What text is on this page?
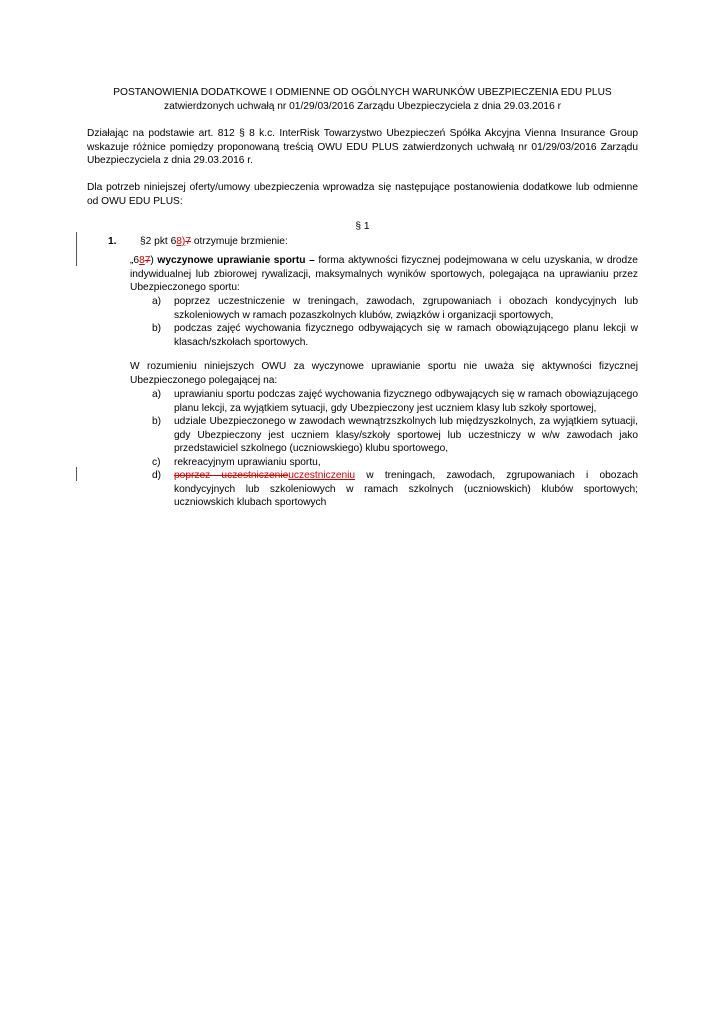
POSTANOWIENIA DODATKOWE I ODMIENNE OD OGÓLNYCH WARUNKÓW UBEZPIECZENIA EDU PLUS
zatwierdzonych uchwałą nr 01/29/03/2016 Zarządu Ubezpieczyciela z dnia 29.03.2016 r
Działając na podstawie art. 812 § 8 k.c. InterRisk Towarzystwo Ubezpieczeń Spółka Akcyjna Vienna Insurance Group wskazuje różnice pomiędzy proponowaną treścią OWU EDU PLUS zatwierdzonych uchwałą nr 01/29/03/2016 Zarządu Ubezpieczyciela z dnia 29.03.2016 r.
Dla potrzeb niniejszej oferty/umowy ubezpieczenia wprowadza się następujące postanowienia dodatkowe lub odmienne od OWU EDU PLUS:
§ 1
1. §2 pkt 68)7 otrzymuje brzmienie:
„687) wyczynowe uprawianie sportu – forma aktywności fizycznej podejmowana w celu uzyskania, w drodze indywidualnej lub zbiorowej rywalizacji, maksymalnych wyników sportowych, polegająca na uprawianiu przez Ubezpieczonego sportu:
a) poprzez uczestniczenie w treningach, zawodach, zgrupowaniach i obozach kondycyjnych lub szkoleniowych w ramach pozaszkolnych klubów, związków i organizacji sportowych,
b) podczas zajęć wychowania fizycznego odbywających się w ramach obowiązującego planu lekcji w klasach/szkołach sportowych.
W rozumieniu niniejszych OWU za wyczynowe uprawianie sportu nie uważa się aktywności fizycznej Ubezpieczonego polegającej na:
a) uprawianiu sportu podczas zajęć wychowania fizycznego odbywających się w ramach obowiązującego planu lekcji, za wyjątkiem sytuacji, gdy Ubezpieczony jest uczniem klasy lub szkoły sportowej,
b) udziale Ubezpieczonego w zawodach wewnątrzszkolnych lub międzyszkolnych, za wyjątkiem sytuacji, gdy Ubezpieczony jest uczniem klasy/szkoły sportowej lub uczestniczy w w/w zawodach jako przedstawiciel szkolnego (uczniowskiego) klubu sportowego,
c) rekreacyjnym uprawianiu sportu,
d) poprzez uczestniczenieuczestniczeniu w treningach, zawodach, zgrupowaniach i obozach kondycyjnych lub szkoleniowych w ramach szkolnych (uczniowskich) klubów sportowych; uczniowskich klubach sportowych
